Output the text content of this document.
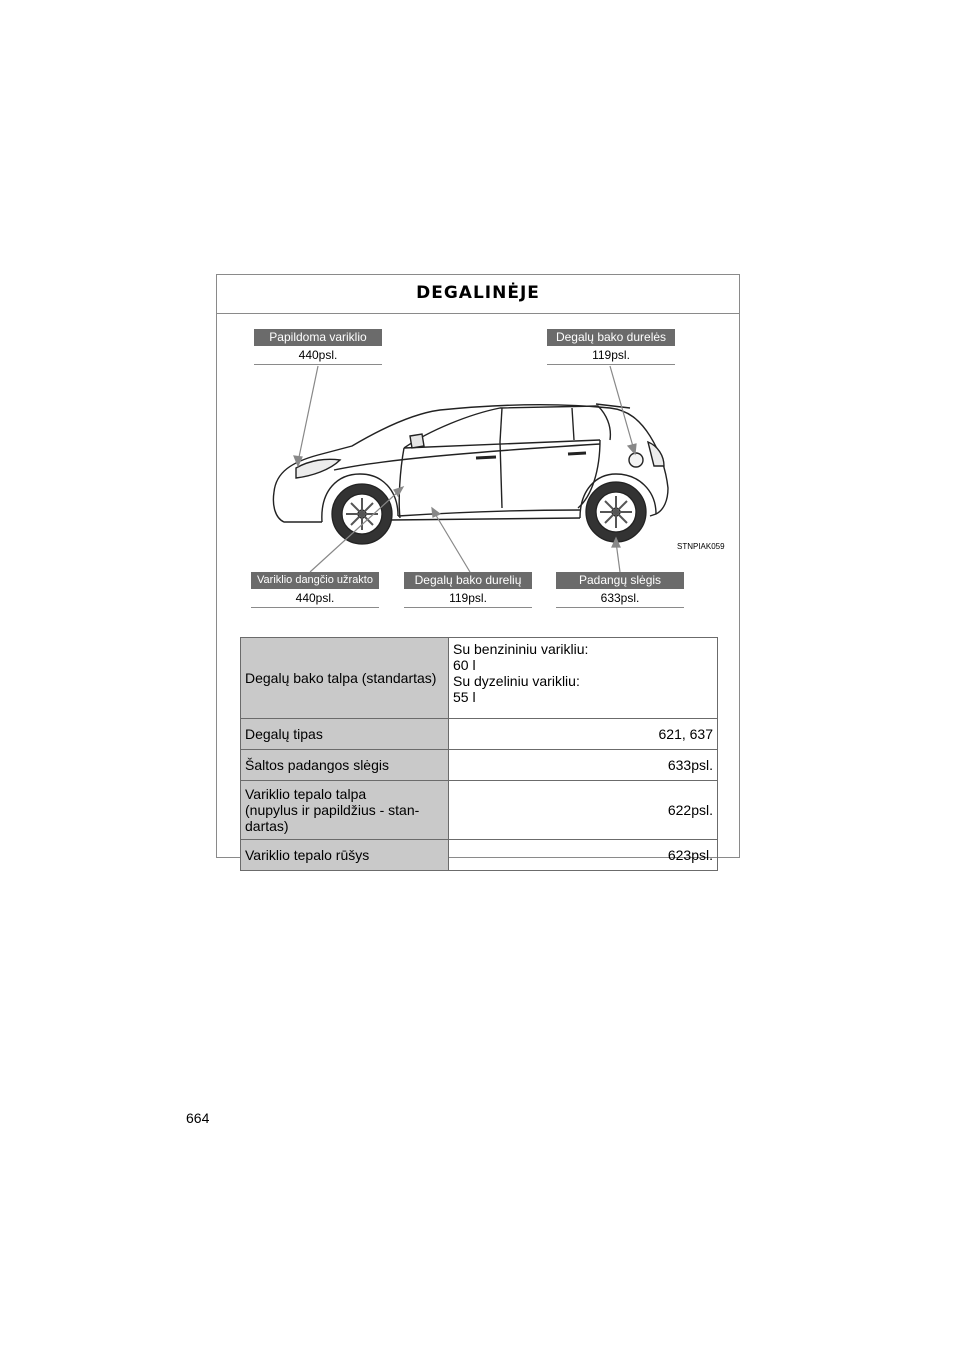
DEGALINĖJE
Papildoma variklio
440psl.
Degalų bako durelės
119psl.
Variklio dangčio užrakto
440psl.
Degalų bako durelių
119psl.
Padangų slėgis
633psl.
STNPIAK059
Degalų bako talpa (standartas)	Su benzininiu varikliu:
60 l
Su dyzeliniu varikliu:
55 l

Degalų tipas	621, 637
Šaltos padangos slėgis	633psl.

Variklio tepalo talpa
(nupylus ir papildžius - stan-
dartas)	622psl.
Variklio tepalo rūšys	623psl.
664
